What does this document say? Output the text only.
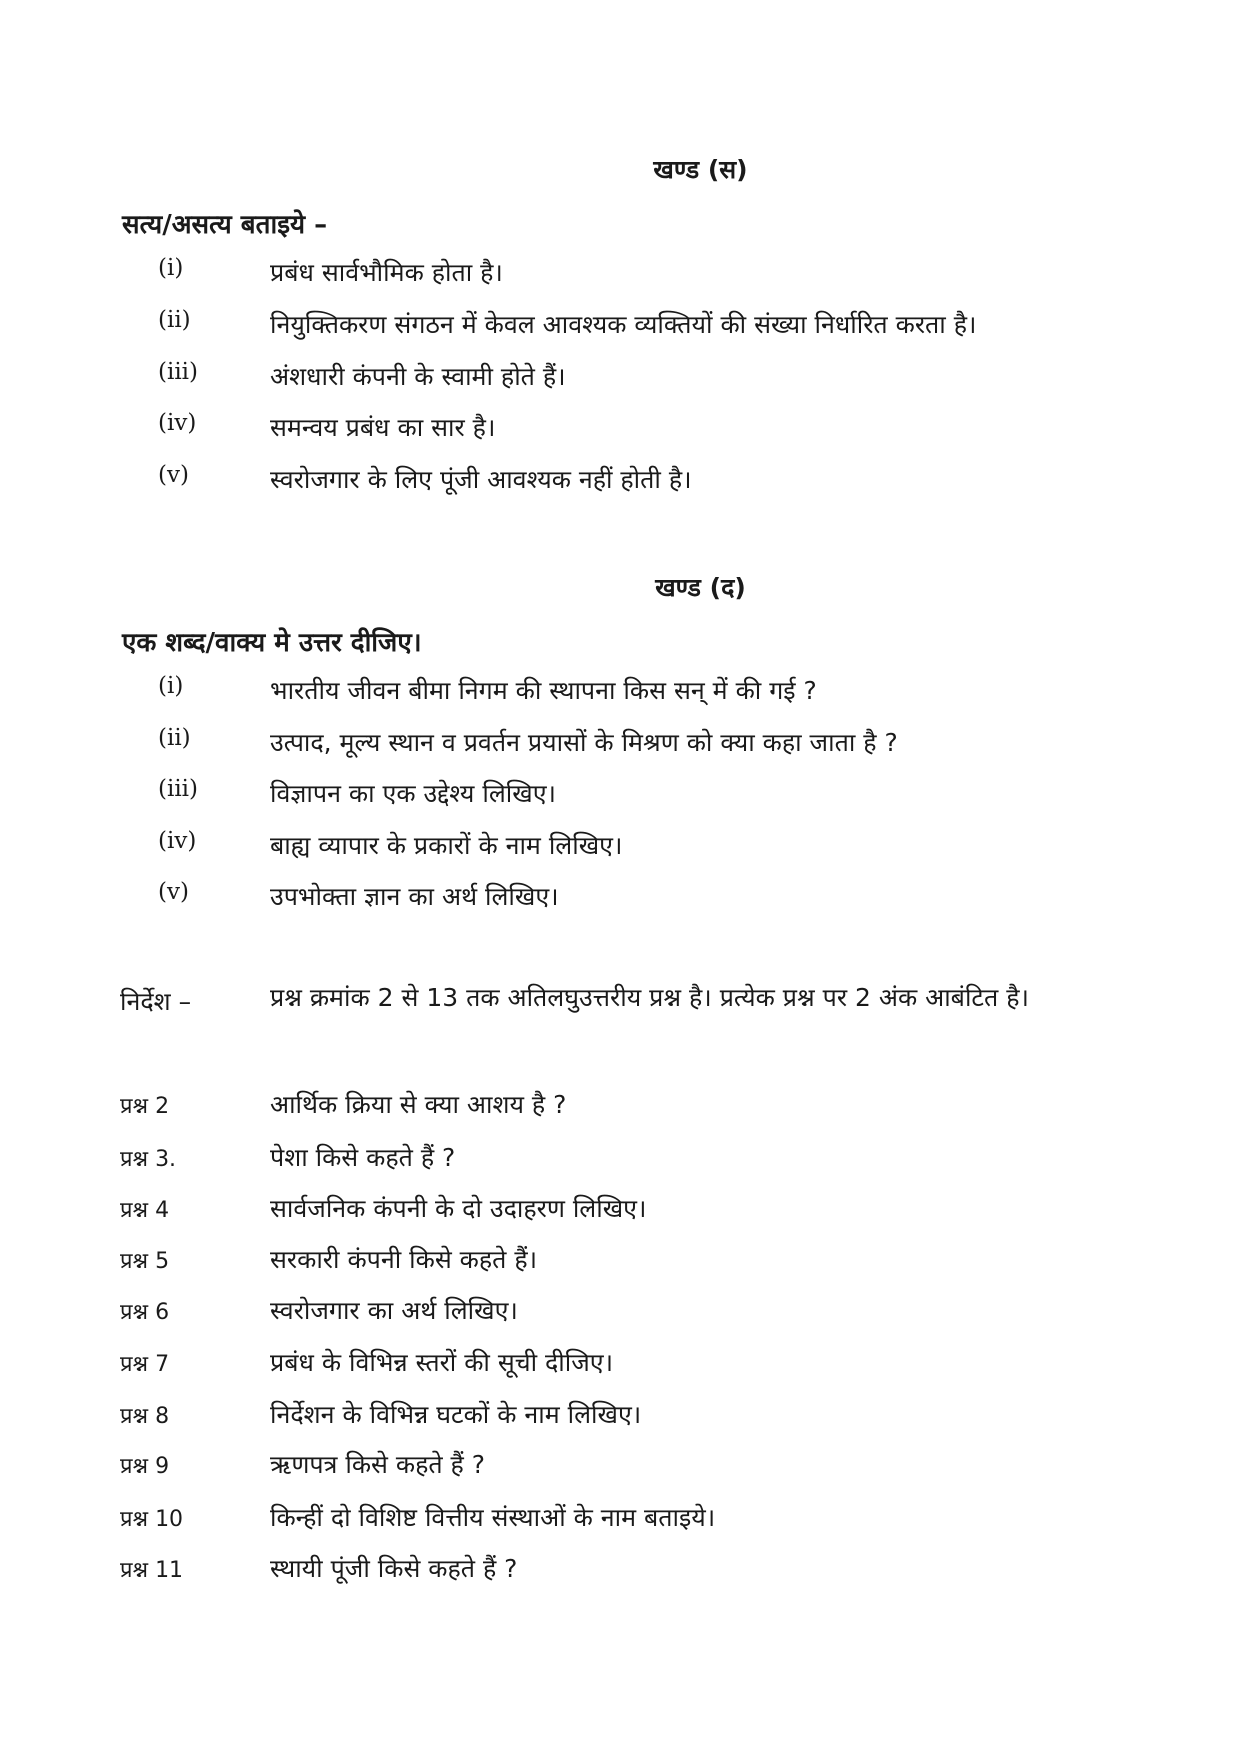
खण्ड (स)
सत्य/असत्य बताइये –
(i)	प्रबंध सार्वभौमिक होता है।
(ii)	नियुक्तिकरण संगठन में केवल आवश्यक व्यक्तियों की संख्या निर्धारित करता है।
(iii)	अंशधारी कंपनी के स्वामी होते हैं।
(iv)	समन्वय प्रबंध का सार है।
(v)	स्वरोजगार के लिए पूंजी आवश्यक नहीं होती है।
खण्ड (द)
एक शब्द/वाक्य मे उत्तर दीजिए।
(i)	भारतीय जीवन बीमा निगम की स्थापना किस सन् में की गई ?
(ii)	उत्पाद, मूल्य स्थान व प्रवर्तन प्रयासों के मिश्रण को क्या कहा जाता है ?
(iii)	विज्ञापन का एक उद्देश्य लिखिए।
(iv)	बाह्य व्यापार के प्रकारों के नाम लिखिए।
(v)	उपभोक्ता ज्ञान का अर्थ लिखिए।
निर्देश –	प्रश्न क्रमांक 2 से 13 तक अतिलघुउत्तरीय प्रश्न है। प्रत्येक प्रश्न पर 2 अंक आबंटित है।
प्रश्न 2	आर्थिक क्रिया से क्या आशय है ?
प्रश्न 3.	पेशा किसे कहते हैं ?
प्रश्न 4	सार्वजनिक कंपनी के दो उदाहरण लिखिए।
प्रश्न 5	सरकारी कंपनी किसे कहते हैं।
प्रश्न 6	स्वरोजगार का अर्थ लिखिए।
प्रश्न 7	प्रबंध के विभिन्न स्तरों की सूची दीजिए।
प्रश्न 8	निर्देशन के विभिन्न घटकों के नाम लिखिए।
प्रश्न 9	ऋणपत्र किसे कहते हैं ?
प्रश्न 10	किन्हीं दो विशिष्ट वित्तीय संस्थाओं के नाम बताइये।
प्रश्न 11	स्थायी पूंजी किसे कहते हैं ?
